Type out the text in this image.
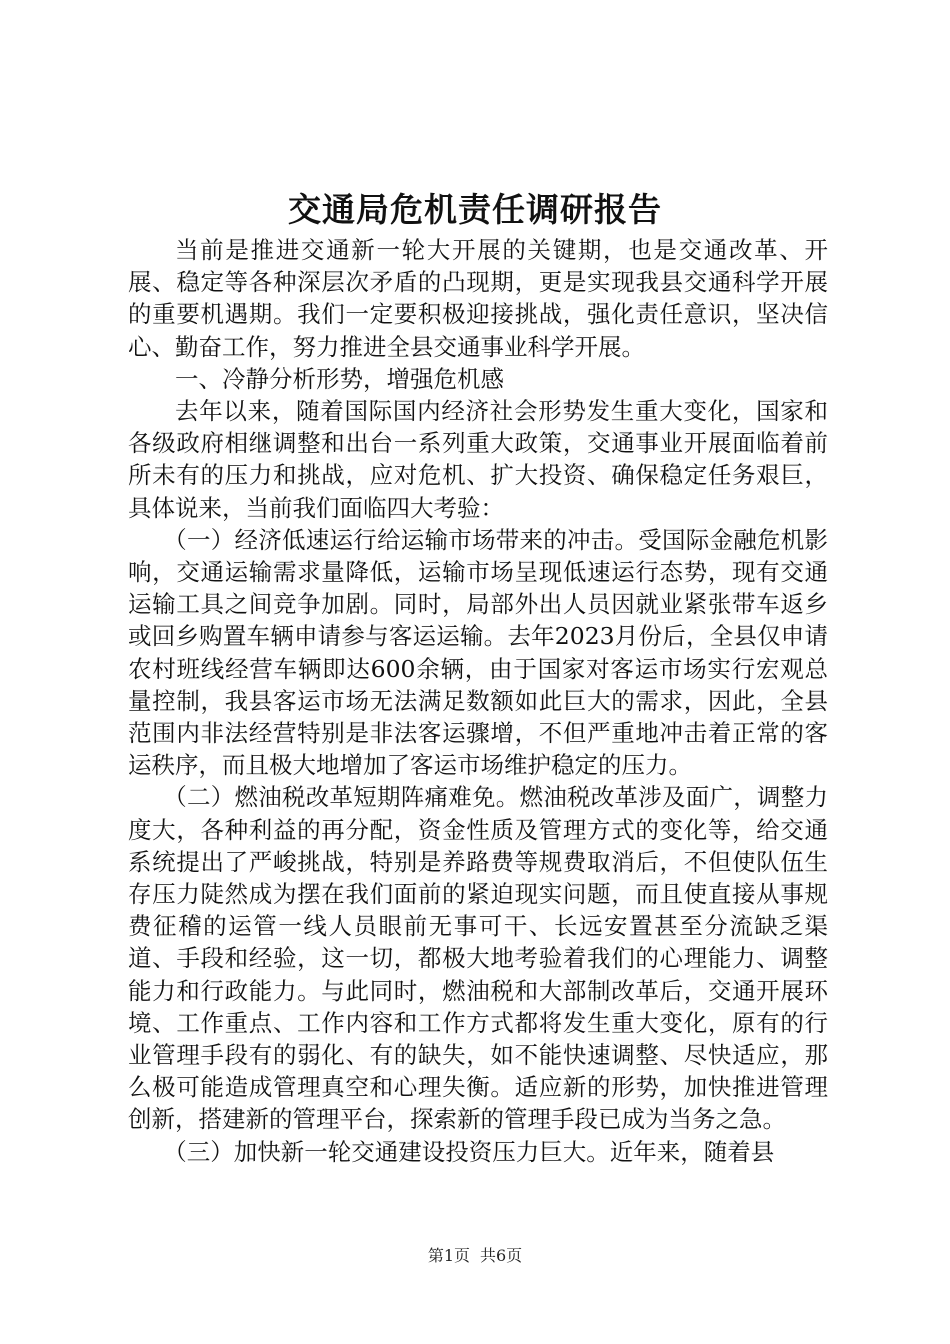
交通局危机责任调研报告

当前是推进交通新一轮大开展的关键期，也是交通改革、开展、稳定等各种深层次矛盾的凸现期，更是实现我县交通科学开展的重要机遇期。我们一定要积极迎接挑战，强化责任意识，坚决信心、勤奋工作，努力推进全县交通事业科学开展。

一、冷静分析形势，增强危机感

去年以来，随着国际国内经济社会形势发生重大变化，国家和各级政府相继调整和出台一系列重大政策，交通事业开展面临着前所未有的压力和挑战，应对危机、扩大投资、确保稳定任务艰巨，具体说来，当前我们面临四大考验：

（一）经济低速运行给运输市场带来的冲击。受国际金融危机影响，交通运输需求量降低，运输市场呈现低速运行态势，现有交通运输工具之间竞争加剧。同时，局部外出人员因就业紧张带车返乡或回乡购置车辆申请参与客运运输。去年2023月份后，全县仅申请农村班线经营车辆即达600余辆，由于国家对客运市场实行宏观总量控制，我县客运市场无法满足数额如此巨大的需求，因此，全县范围内非法经营特别是非法客运骤增，不但严重地冲击着正常的客运秩序，而且极大地增加了客运市场维护稳定的压力。

（二）燃油税改革短期阵痛难免。燃油税改革涉及面广，调整力度大，各种利益的再分配，资金性质及管理方式的变化等，给交通系统提出了严峻挑战，特别是养路费等规费取消后，不但使队伍生存压力陡然成为摆在我们面前的紧迫现实问题，而且使直接从事规费征稽的运管一线人员眼前无事可干、长远安置甚至分流缺乏渠道、手段和经验，这一切，都极大地考验着我们的心理能力、调整能力和行政能力。与此同时，燃油税和大部制改革后，交通开展环境、工作重点、工作内容和工作方式都将发生重大变化，原有的行业管理手段有的弱化、有的缺失，如不能快速调整、尽快适应，那么极可能造成管理真空和心理失衡。适应新的形势，加快推进管理创新，搭建新的管理平台，探索新的管理手段已成为当务之急。

（三）加快新一轮交通建设投资压力巨大。近年来，随着县

第1页 共6页
